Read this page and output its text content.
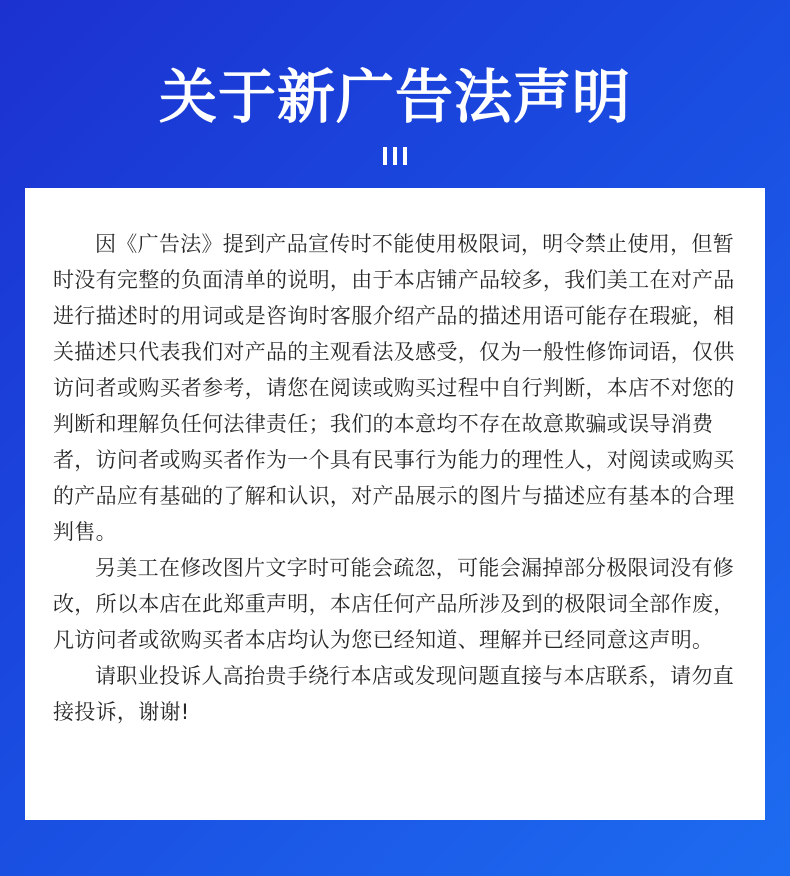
关于新广告法声明

因《广告法》提到产品宣传时不能使用极限词，明令禁止使用，但暂时没有完整的负面清单的说明，由于本店铺产品较多，我们美工在对产品进行描述时的用词或是咨询时客服介绍产品的描述用语可能存在瑕疵，相关描述只代表我们对产品的主观看法及感受，仅为一般性修饰词语，仅供访问者或购买者参考，请您在阅读或购买过程中自行判断，本店不对您的判断和理解负任何法律责任；我们的本意均不存在故意欺骗或误导消费者，访问者或购买者作为一个具有民事行为能力的理性人，对阅读或购买的产品应有基础的了解和认识，对产品展示的图片与描述应有基本的合理判售。

另美工在修改图片文字时可能会疏忽，可能会漏掉部分极限词没有修改，所以本店在此郑重声明，本店任何产品所涉及到的极限词全部作废，凡访问者或欲购买者本店均认为您已经知道、理解并已经同意这声明。

请职业投诉人高抬贵手绕行本店或发现问题直接与本店联系，请勿直接投诉，谢谢!
